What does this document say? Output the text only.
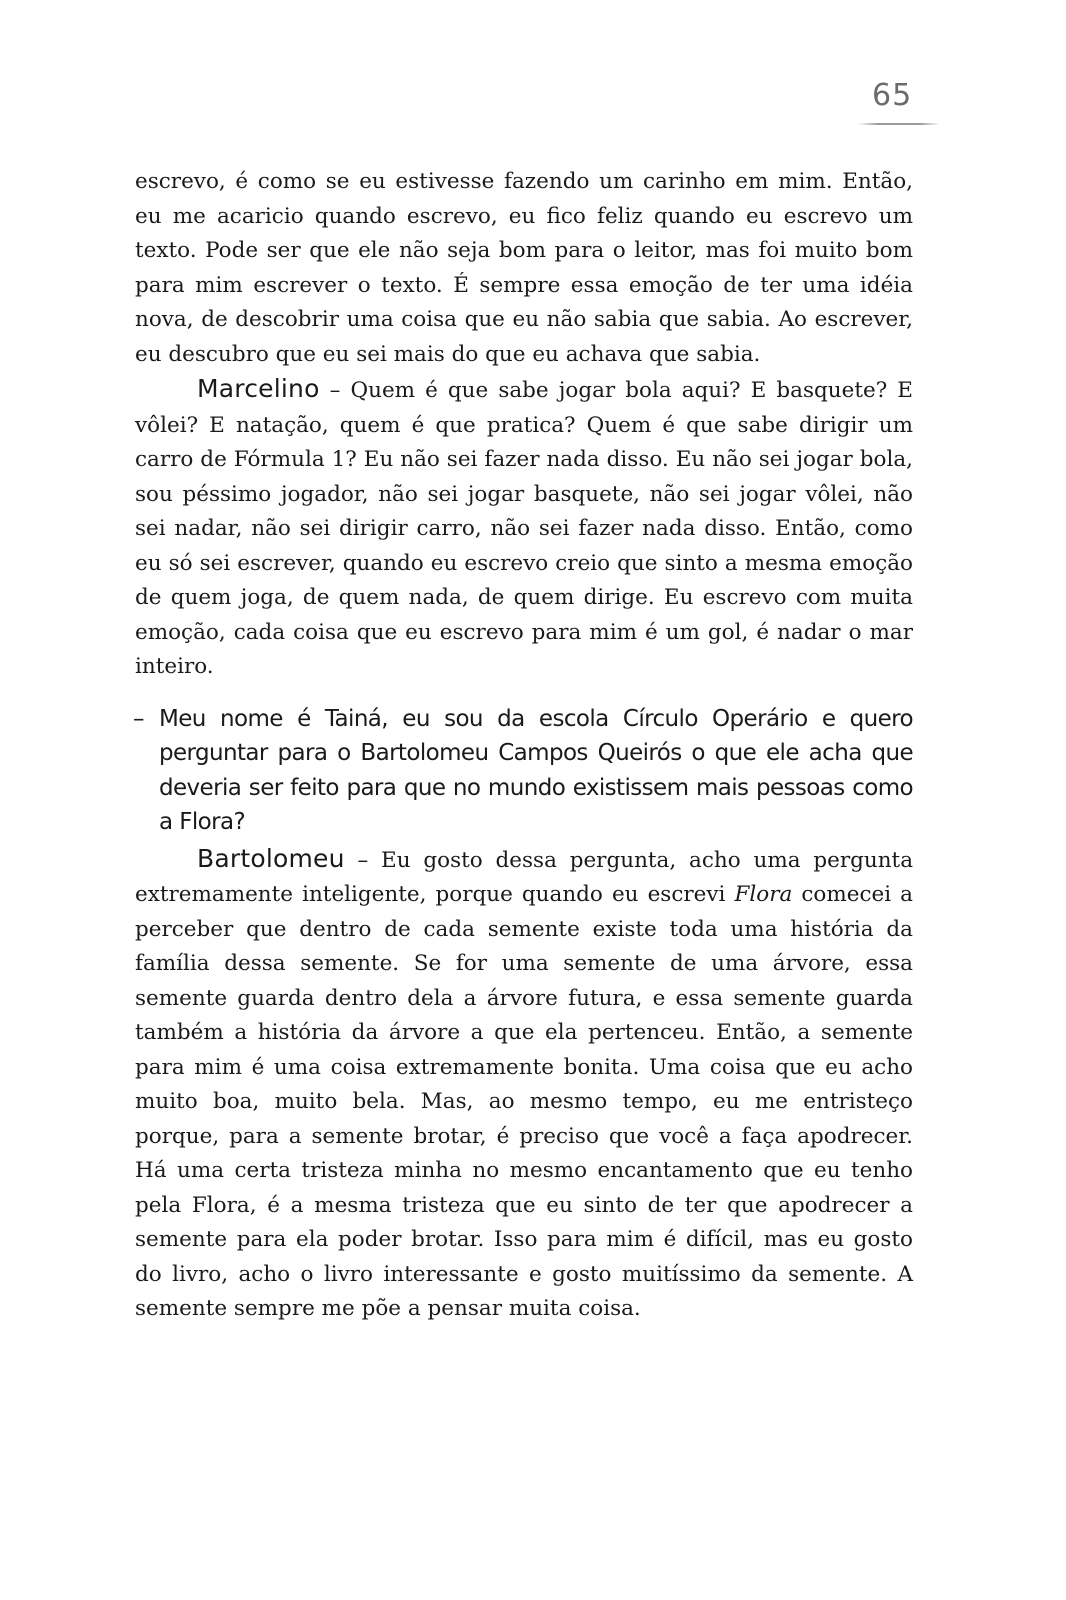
65

escrevo, é como se eu estivesse fazendo um carinho em mim. Então, eu me acaricio quando escrevo, eu fico feliz quando eu escrevo um texto. Pode ser que ele não seja bom para o leitor, mas foi muito bom para mim escrever o texto. É sempre essa emoção de ter uma idéia nova, de descobrir uma coisa que eu não sabia que sabia. Ao escrever, eu descubro que eu sei mais do que eu achava que sabia.

Marcelino – Quem é que sabe jogar bola aqui? E basquete? E vôlei? E natação, quem é que pratica? Quem é que sabe dirigir um carro de Fórmula 1? Eu não sei fazer nada disso. Eu não sei jogar bola, sou péssimo jogador, não sei jogar basquete, não sei jogar vôlei, não sei nadar, não sei dirigir carro, não sei fazer nada disso. Então, como eu só sei escrever, quando eu escrevo creio que sinto a mesma emoção de quem joga, de quem nada, de quem dirige. Eu escrevo com muita emoção, cada coisa que eu escrevo para mim é um gol, é nadar o mar inteiro.

– Meu nome é Tainá, eu sou da escola Círculo Operário e quero perguntar para o Bartolomeu Campos Queirós o que ele acha que deveria ser feito para que no mundo existissem mais pessoas como a Flora?

Bartolomeu – Eu gosto dessa pergunta, acho uma pergunta extremamente inteligente, porque quando eu escrevi Flora comecei a perceber que dentro de cada semente existe toda uma história da família dessa semente. Se for uma semente de uma árvore, essa semente guarda dentro dela a árvore futura, e essa semente guarda também a história da árvore a que ela pertenceu. Então, a semente para mim é uma coisa extremamente bonita. Uma coisa que eu acho muito boa, muito bela. Mas, ao mesmo tempo, eu me entristeço porque, para a semente brotar, é preciso que você a faça apodrecer. Há uma certa tristeza minha no mesmo encantamento que eu tenho pela Flora, é a mesma tristeza que eu sinto de ter que apodrecer a semente para ela poder brotar. Isso para mim é difícil, mas eu gosto do livro, acho o livro interessante e gosto muitíssimo da semente. A semente sempre me põe a pensar muita coisa.
